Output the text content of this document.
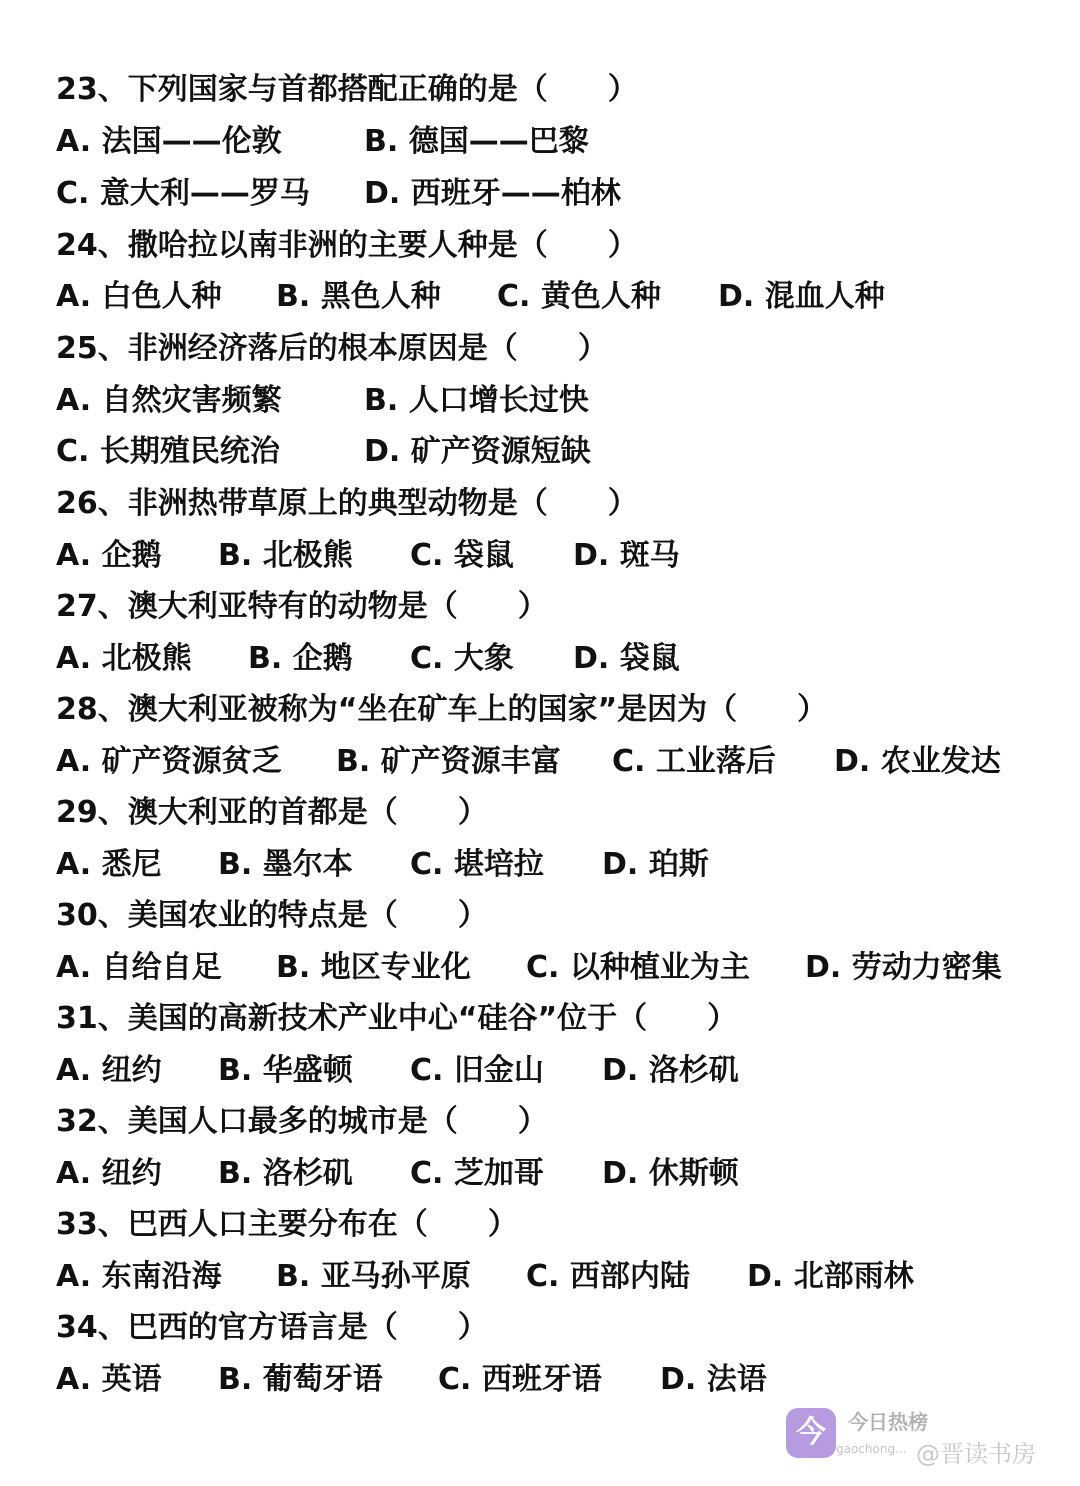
23、下列国家与首都搭配正确的是（　　）
A. 法国——伦敦	B. 德国——巴黎
C. 意大利——罗马 D. 西班牙——柏林
24、撒哈拉以南非洲的主要人种是（　　）
A. 白色人种 B. 黑色人种 C. 黄色人种 D. 混血人种
25、非洲经济落后的根本原因是（　　）
A. 自然灾害频繁	B. 人口增长过快
C. 长期殖民统治	D. 矿产资源短缺
26、非洲热带草原上的典型动物是（　　）
A. 企鹅 B. 北极熊 C. 袋鼠 D. 斑马
27、澳大利亚特有的动物是（　　）
A. 北极熊 B. 企鹅 C. 大象 D. 袋鼠
28、澳大利亚被称为“坐在矿车上的国家”是因为（　　）
A. 矿产资源贫乏 B. 矿产资源丰富 C. 工业落后 D. 农业发达
29、澳大利亚的首都是（　　）
A. 悉尼 B. 墨尔本 C. 堪培拉 D. 珀斯
30、美国农业的特点是（　　）
A. 自给自足 B. 地区专业化 C. 以种植业为主 D. 劳动力密集
31、美国的高新技术产业中心“硅谷”位于（　　）
A. 纽约 B. 华盛顿 C. 旧金山 D. 洛杉矶
32、美国人口最多的城市是（　　）
A. 纽约 B. 洛杉矶 C. 芝加哥 D. 休斯顿
33、巴西人口主要分布在（　　）
A. 东南沿海 B. 亚马孙平原 C. 西部内陆 D. 北部雨林
34、巴西的官方语言是（　　）
A. 英语 B. 葡萄牙语 C. 西班牙语 D. 法语
今	今日热榜
gaochong... @晋读书房
